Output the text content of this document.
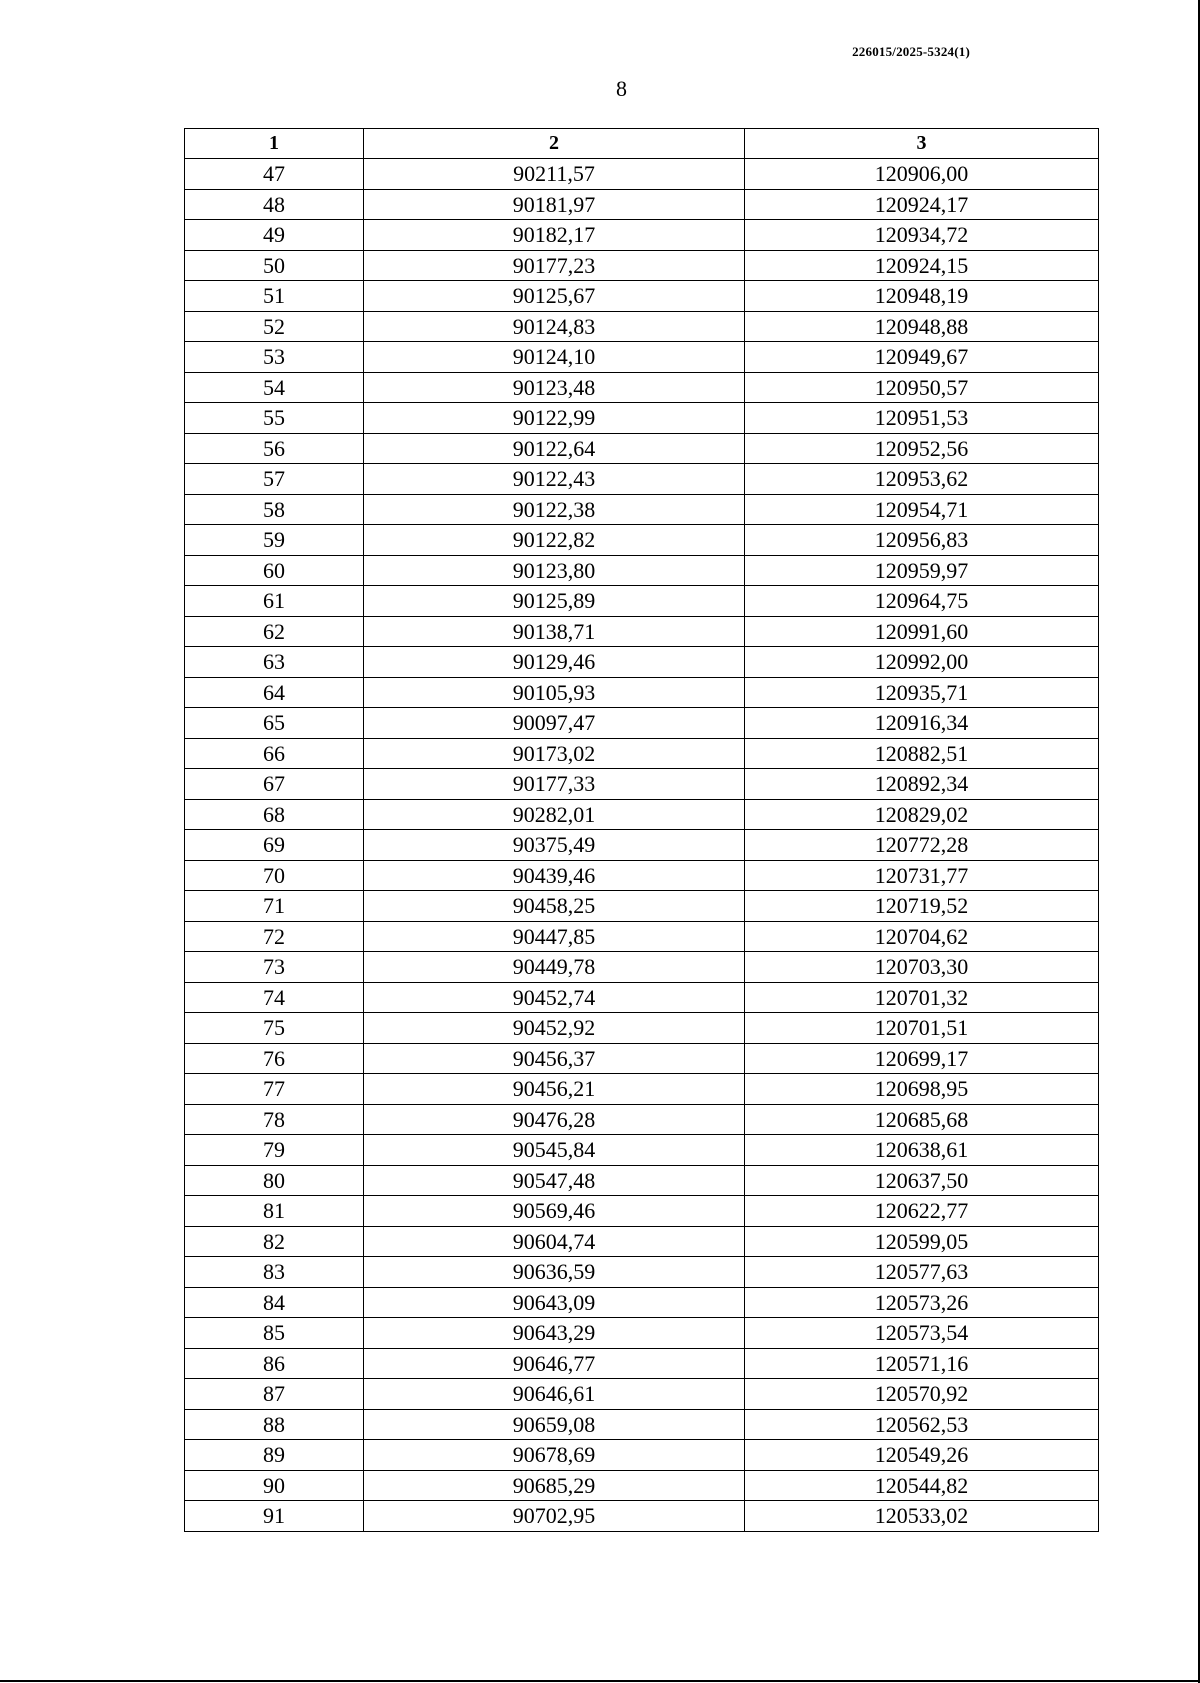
226015/2025-5324(1)
8
1	2	3
47	90211,57	120906,00
48	90181,97	120924,17
49	90182,17	120934,72
50	90177,23	120924,15
51	90125,67	120948,19
52	90124,83	120948,88
53	90124,10	120949,67
54	90123,48	120950,57
55	90122,99	120951,53
56	90122,64	120952,56
57	90122,43	120953,62
58	90122,38	120954,71
59	90122,82	120956,83
60	90123,80	120959,97
61	90125,89	120964,75
62	90138,71	120991,60
63	90129,46	120992,00
64	90105,93	120935,71
65	90097,47	120916,34
66	90173,02	120882,51
67	90177,33	120892,34
68	90282,01	120829,02
69	90375,49	120772,28
70	90439,46	120731,77
71	90458,25	120719,52
72	90447,85	120704,62
73	90449,78	120703,30
74	90452,74	120701,32
75	90452,92	120701,51
76	90456,37	120699,17
77	90456,21	120698,95
78	90476,28	120685,68
79	90545,84	120638,61
80	90547,48	120637,50
81	90569,46	120622,77
82	90604,74	120599,05
83	90636,59	120577,63
84	90643,09	120573,26
85	90643,29	120573,54
86	90646,77	120571,16
87	90646,61	120570,92
88	90659,08	120562,53
89	90678,69	120549,26
90	90685,29	120544,82
91	90702,95	120533,02
